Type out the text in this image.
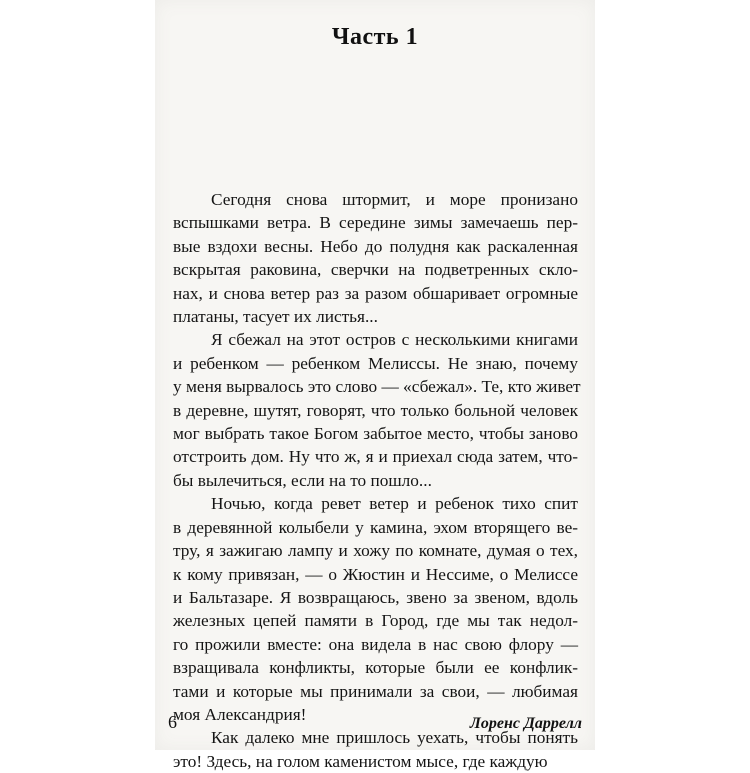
Часть 1
Сегодня снова штормит, и море пронизано
вспышками ветра. В середине зимы замечаешь пер-
вые вздохи весны. Небо до полудня как раскаленная
вскрытая раковина, сверчки на подветренных скло-
нах, и снова ветер раз за разом обшаривает огромные
платаны, тасует их листья...
Я сбежал на этот остров с несколькими книгами
и ребенком — ребенком Мелиссы. Не знаю, почему
у меня вырвалось это слово — «сбежал». Те, кто живет
в деревне, шутят, говорят, что только больной человек
мог выбрать такое Богом забытое место, чтобы заново
отстроить дом. Ну что ж, я и приехал сюда затем, что-
бы вылечиться, если на то пошло...
Ночью, когда ревет ветер и ребенок тихо спит
в деревянной колыбели у камина, эхом вторящего ве-
тру, я зажигаю лампу и хожу по комнате, думая о тех,
к кому привязан, — о Жюстин и Нессиме, о Мелиссе
и Бальтазаре. Я возвращаюсь, звено за звеном, вдоль
железных цепей памяти в Город, где мы так недол-
го прожили вместе: она видела в нас свою флору —
взращивала конфликты, которые были ее конфлик-
тами и которые мы принимали за свои, — любимая
моя Александрия!
Как далеко мне пришлось уехать, чтобы понять
это! Здесь, на голом каменистом мысе, где каждую
6	Лоренс Даррелл
